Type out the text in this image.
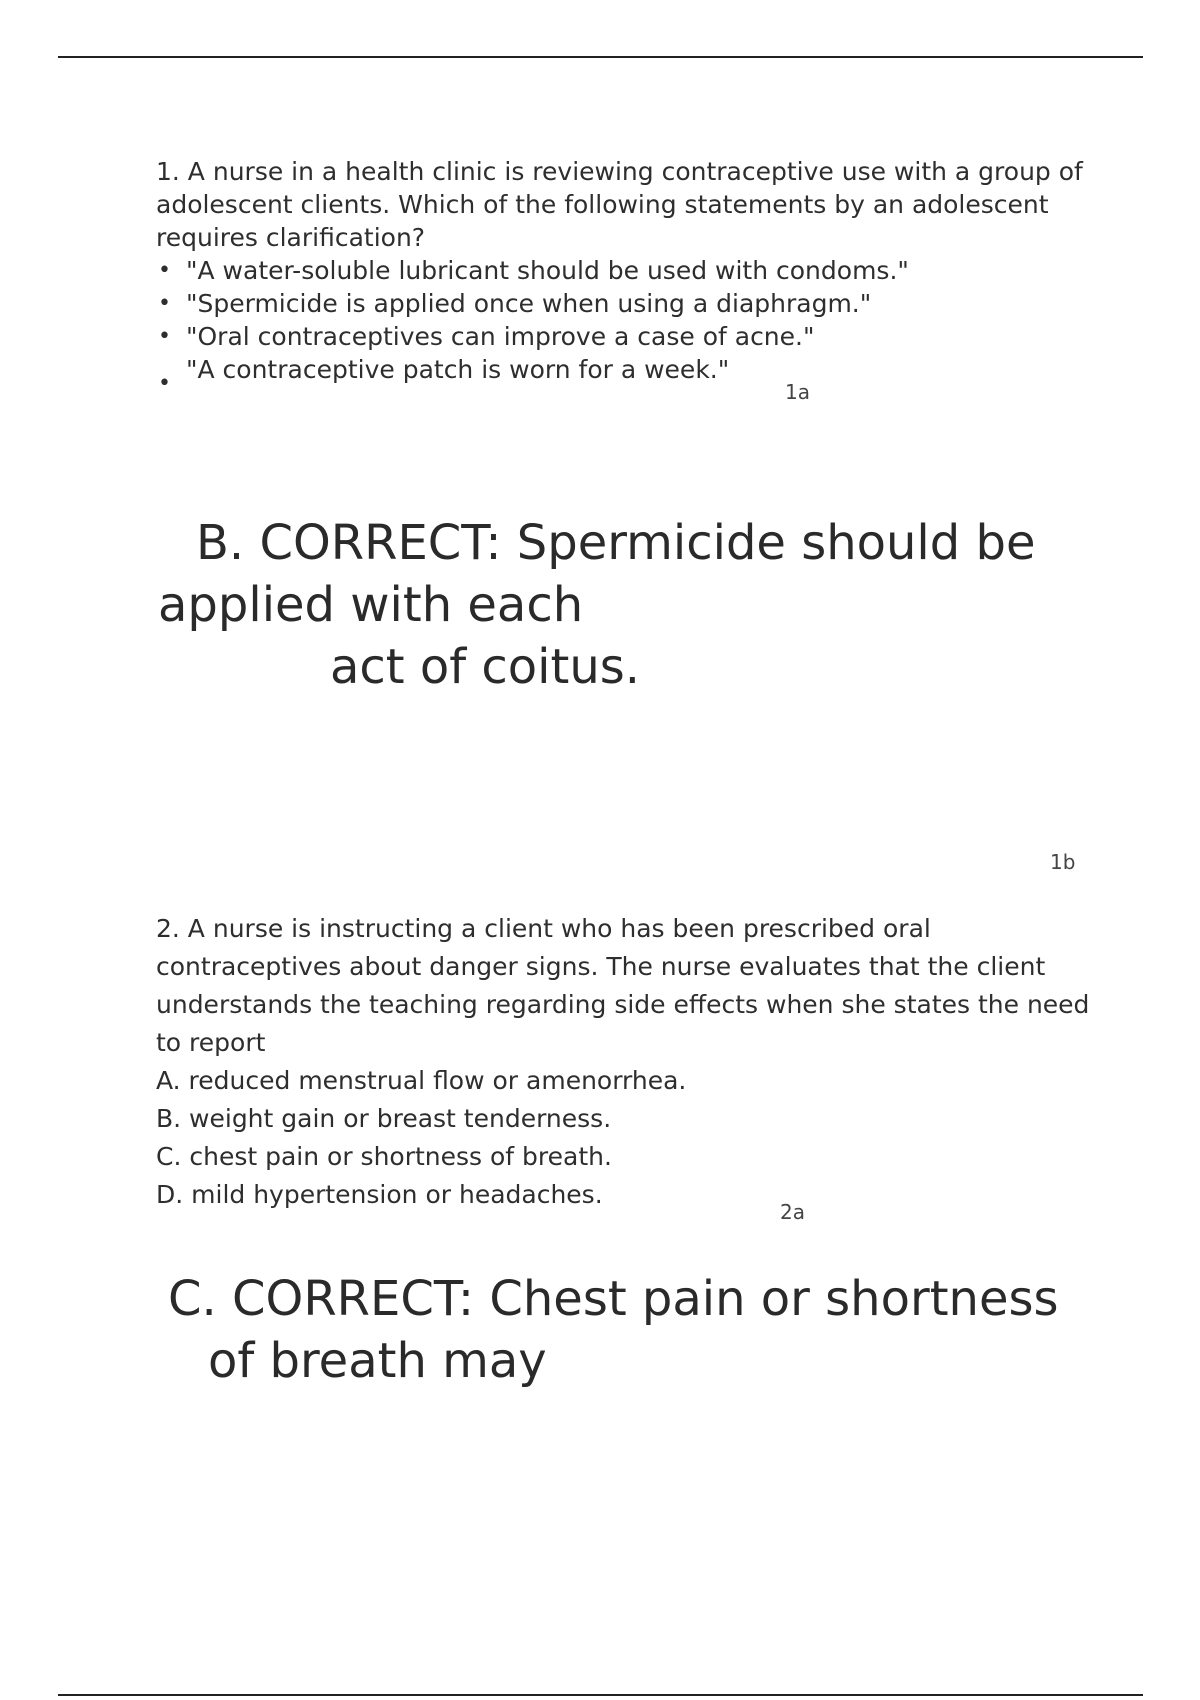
1. A nurse in a health clinic is reviewing contraceptive use with a group of adolescent clients. Which of the following statements by an adolescent requires clarification?

• "A water-soluble lubricant should be used with condoms."
• "Spermicide is applied once when using a diaphragm."
• "Oral contraceptives can improve a case of acne."
• "A contraceptive patch is worn for a week."
1a

B. CORRECT: Spermicide should be

applied with each

act of coitus.

1b

2. A nurse is instructing a client who has been prescribed oral contraceptives about danger signs. The nurse evaluates that the client understands the teaching regarding side effects when she states the need to report

A. reduced menstrual flow or amenorrhea.
B. weight gain or breast tenderness.
C. chest pain or shortness of breath.
D. mild hypertension or headaches.
2a

C. CORRECT: Chest pain or shortness

of breath may
